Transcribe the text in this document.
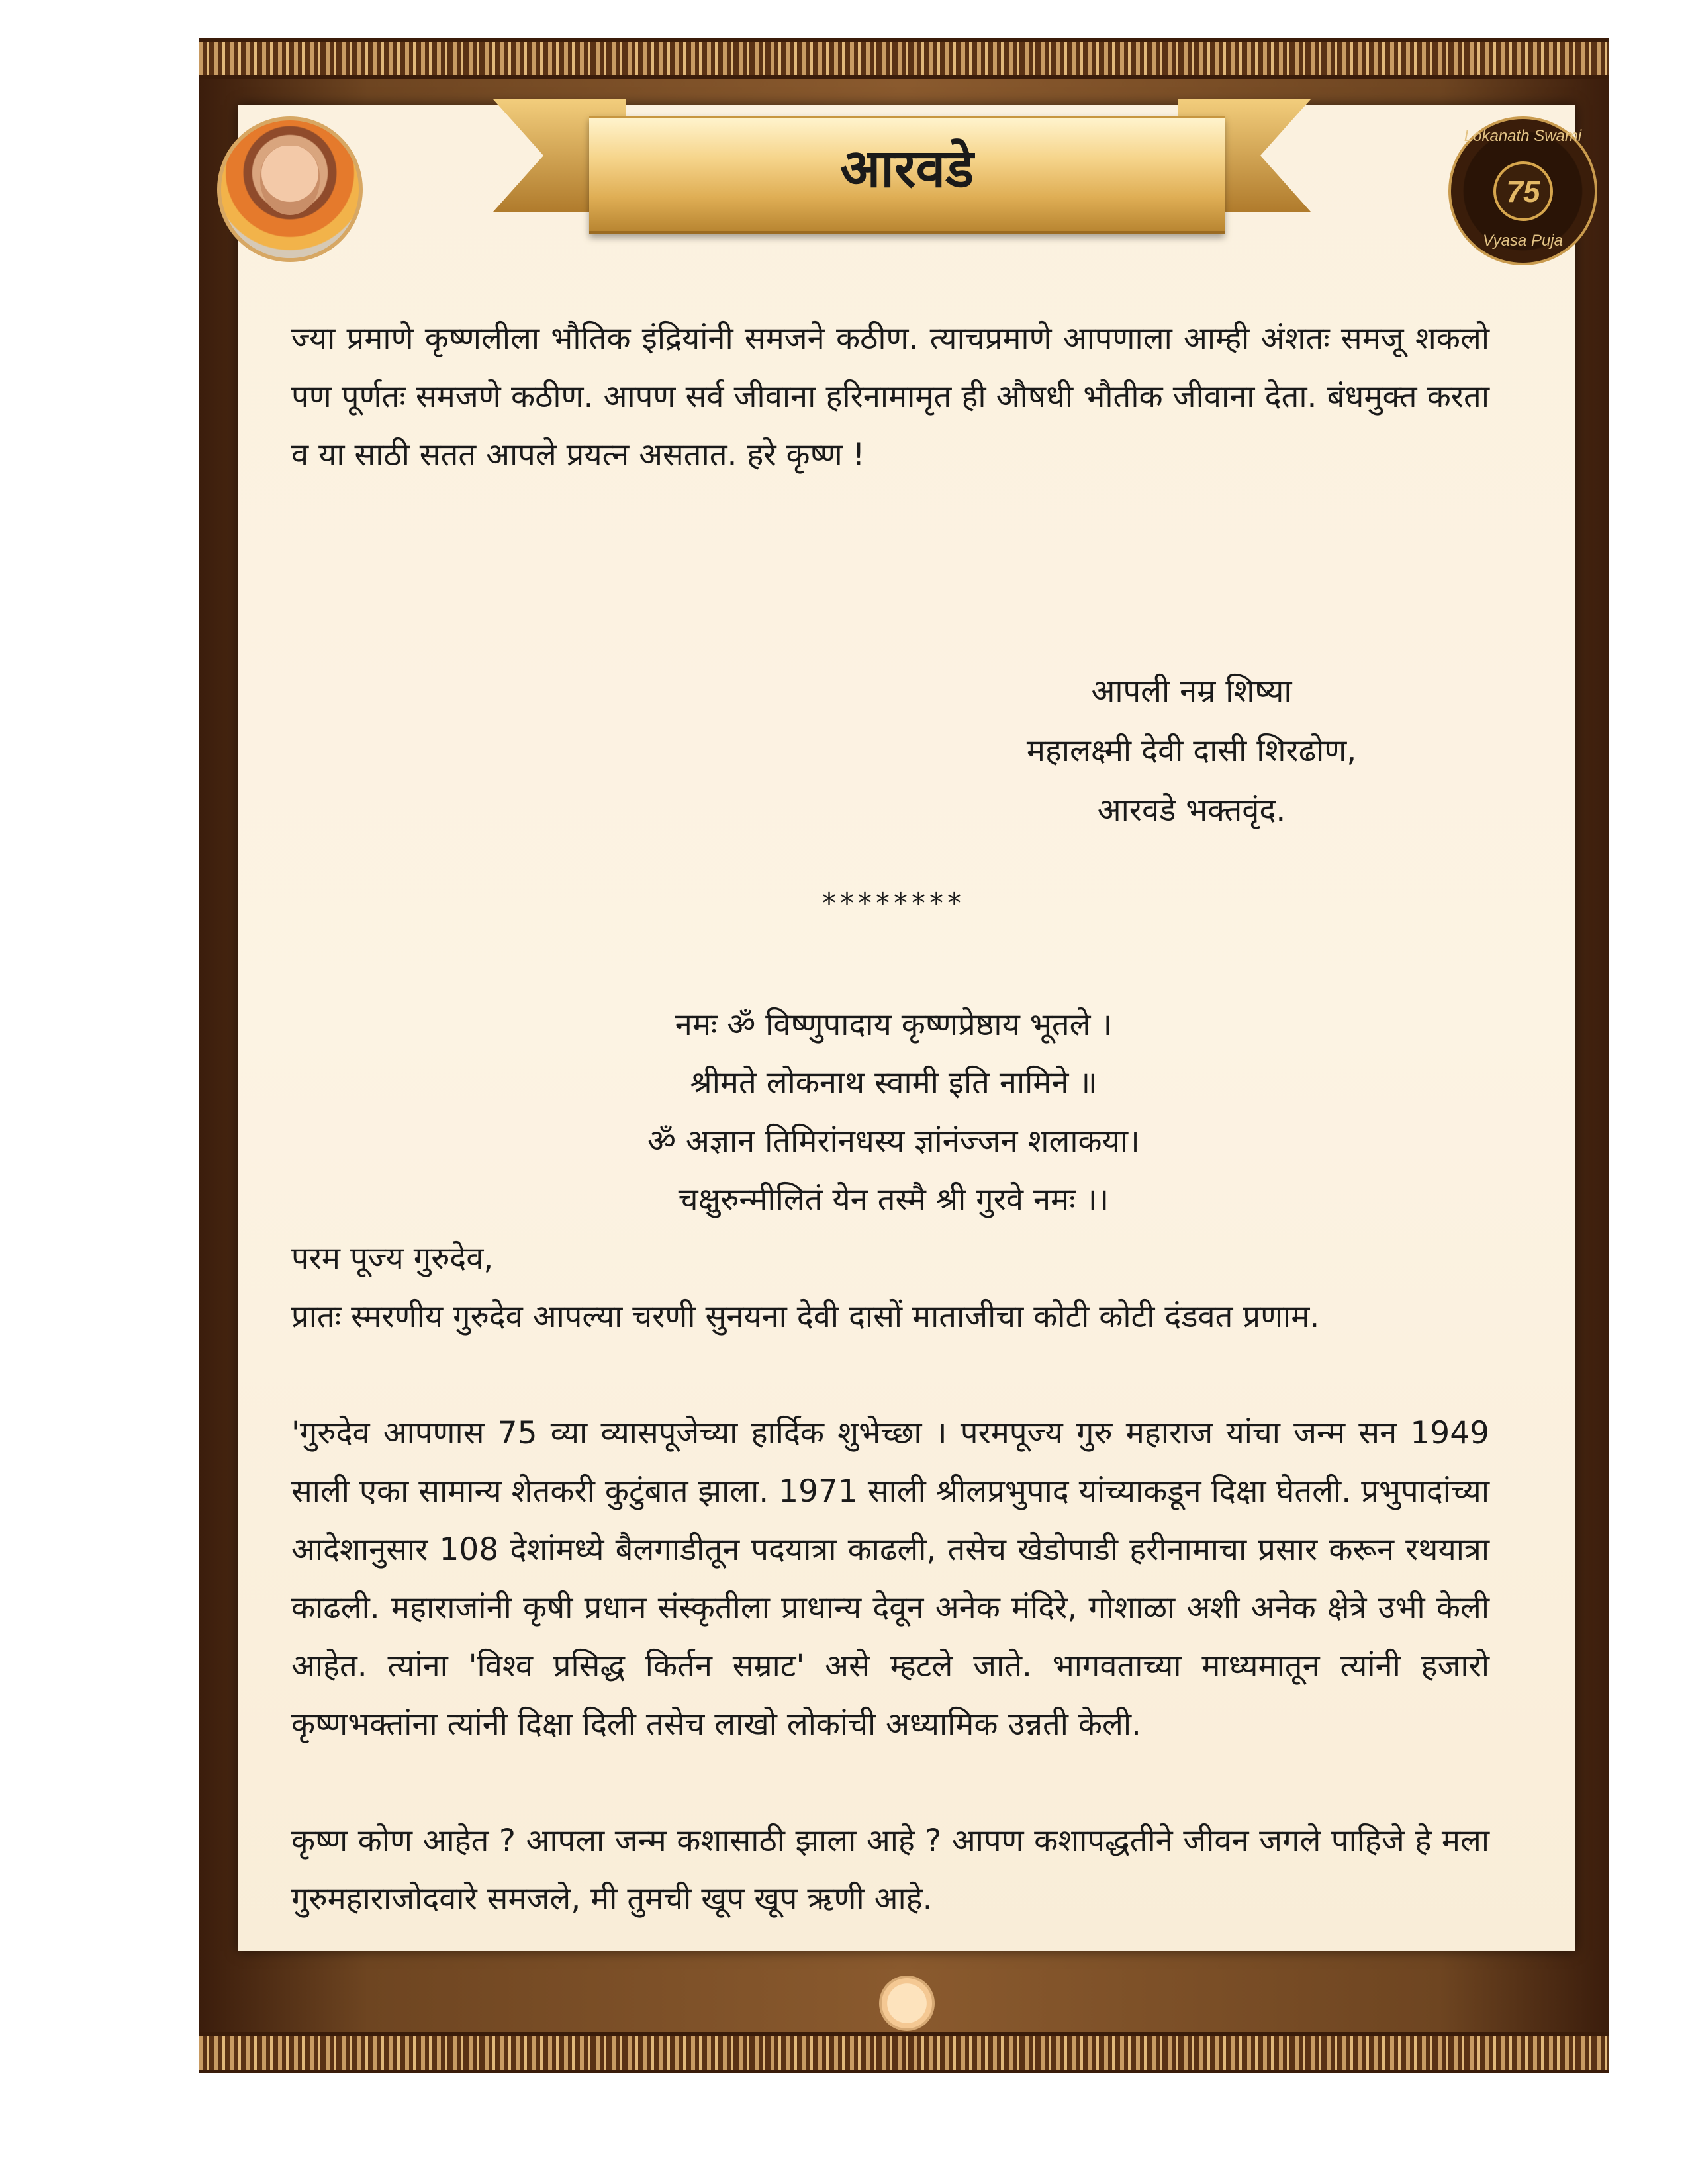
आरवडे
Lokanath Swami
75
Vyasa Puja
ज्या प्रमाणे कृष्णलीला भौतिक इंद्रियांनी समजने कठीण. त्याचप्रमाणे आपणाला आम्ही अंशतः समजू शकलो पण पूर्णतः समजणे कठीण. आपण सर्व जीवाना हरिनामामृत ही औषधी भौतीक जीवाना देता. बंधमुक्त करता व या साठी सतत आपले प्रयत्न असतात. हरे कृष्ण !
आपली नम्र शिष्या
महालक्ष्मी देवी दासी शिरढोण,
आरवडे भक्तवृंद.
********
नमः ॐ विष्णुपादाय कृष्णप्रेष्ठाय भूतले ।
श्रीमते लोकनाथ स्वामी इति नामिने ॥
ॐ अज्ञान तिमिरांनधस्य ज्ञांनंज्जन शलाकया।
चक्षुरुन्मीलितं येन तस्मै श्री गुरवे नमः ।।
परम पूज्य गुरुदेव,
प्रातः स्मरणीय गुरुदेव आपल्या चरणी सुनयना देवी दासों माताजीचा कोटी कोटी दंडवत प्रणाम.
'गुरुदेव आपणास 75 व्या व्यासपूजेच्या हार्दिक शुभेच्छा । परमपूज्य गुरु महाराज यांचा जन्म सन 1949 साली एका सामान्य शेतकरी कुटुंबात झाला. 1971 साली श्रीलप्रभुपाद यांच्याकडून दिक्षा घेतली. प्रभुपादांच्या आदेशानुसार 108 देशांमध्ये बैलगाडीतून पदयात्रा काढली, तसेच खेडोपाडी हरीनामाचा प्रसार करून रथयात्रा काढली. महाराजांनी कृषी प्रधान संस्कृतीला प्राधान्य देवून अनेक मंदिरे, गोशाळा अशी अनेक क्षेत्रे उभी केली आहेत. त्यांना 'विश्व प्रसिद्ध किर्तन सम्राट' असे म्हटले जाते. भागवताच्या माध्यमातून त्यांनी हजारो कृष्णभक्तांना त्यांनी दिक्षा दिली तसेच लाखो लोकांची अध्यामिक उन्नती केली.
कृष्ण कोण आहेत ? आपला जन्म कशासाठी झाला आहे ? आपण कशापद्धतीने जीवन जगले पाहिजे हे मला गुरुमहाराजोदवारे समजले, मी तुमची खूप खूप ऋणी आहे.
